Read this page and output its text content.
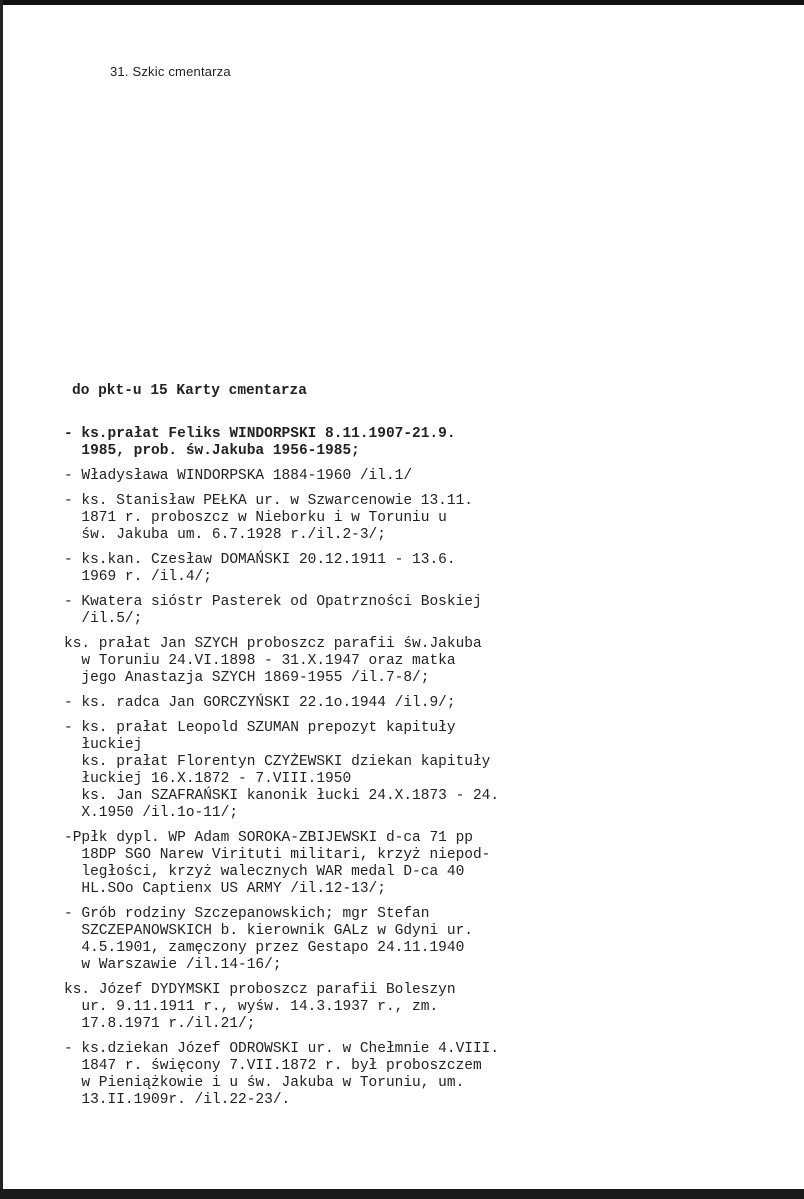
31. Szkic cmentarza
do pkt-u 15 Karty cmentarza
- ks.prałat Feliks WINDORPSKI 8.11.1907-21.9.
1985, prob. św.Jakuba 1956-1985;
- Władysława WINDORPSKA 1884-1960 /il.1/
- ks. Stanisław PEŁKA ur. w Szwarcenowie 13.11.
1871 r. proboszcz w Nieborku i w Toruniu u
św. Jakuba um. 6.7.1928 r./il.2-3/;
- ks.kan. Czesław DOMAŃSKI 20.12.1911 - 13.6.
1969 r. /il.4/;
- Kwatera sióstr Pasterek od Opatrzności Boskiej
/il.5/;
ks. prałat Jan SZYCH proboszcz parafii św.Jakuba
w Toruniu 24.VI.1898 - 31.X.1947 oraz matka
jego Anastazja SZYCH 1869-1955 /il.7-8/;
- ks. radca Jan GORCZYŃSKI 22.1o.1944 /il.9/;
- ks. prałat Leopold SZUMAN prepozyt kapituły
łuckiej
ks. prałat Florentyn CZYŻEWSKI dziekan kapituły
łuckiej 16.X.1872 - 7.VIII.1950
ks. Jan SZAFRAŃSKI kanonik łucki 24.X.1873 - 24.
X.1950 /il.1o-11/;
-Ppłk dypl. WP Adam SOROKA-ZBIJEWSKI d-ca 71 pp
18DP SGO Narew Virituti militari, krzyż niepod-
ległości, krzyż walecznych WAR medal D-ca 40
HL.SOo Captienx US ARMY /il.12-13/;
- Grób rodziny Szczepanowskich; mgr Stefan
SZCZEPANOWSKICH b. kierownik GALz w Gdyni ur.
4.5.1901, zamęczony przez Gestapo 24.11.1940
w Warszawie /il.14-16/;
ks. Józef DYDYMSKI proboszcz parafii Boleszyn
ur. 9.11.1911 r., wyśw. 14.3.1937 r., zm.
17.8.1971 r./il.21/;
- ks.dziekan Józef ODROWSKI ur. w Chełmnie 4.VIII.
1847 r. święcony 7.VII.1872 r. był proboszczem
w Pieniążkowie i u św. Jakuba w Toruniu, um.
13.II.1909r. /il.22-23/.
